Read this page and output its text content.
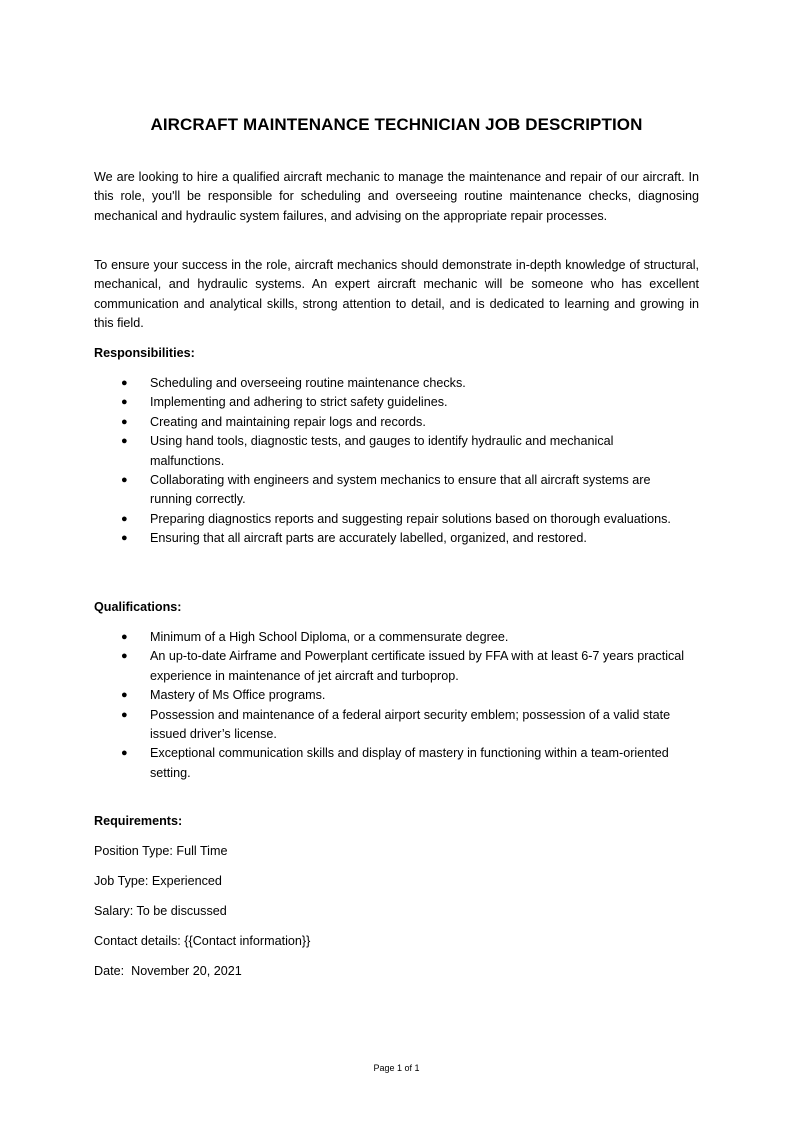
AIRCRAFT MAINTENANCE TECHNICIAN JOB DESCRIPTION

We are looking to hire a qualified aircraft mechanic to manage the maintenance and repair of our aircraft. In this role, you'll be responsible for scheduling and overseeing routine maintenance checks, diagnosing mechanical and hydraulic system failures, and advising on the appropriate repair processes.

To ensure your success in the role, aircraft mechanics should demonstrate in-depth knowledge of structural, mechanical, and hydraulic systems. An expert aircraft mechanic will be someone who has excellent communication and analytical skills, strong attention to detail, and is dedicated to learning and growing in this field.

Responsibilities:
● Scheduling and overseeing routine maintenance checks.
● Implementing and adhering to strict safety guidelines.
● Creating and maintaining repair logs and records.
● Using hand tools, diagnostic tests, and gauges to identify hydraulic and mechanical malfunctions.
● Collaborating with engineers and system mechanics to ensure that all aircraft systems are running correctly.
● Preparing diagnostics reports and suggesting repair solutions based on thorough evaluations.
● Ensuring that all aircraft parts are accurately labelled, organized, and restored.
Qualifications:
● Minimum of a High School Diploma, or a commensurate degree.
● An up-to-date Airframe and Powerplant certificate issued by FFA with at least 6-7 years practical experience in maintenance of jet aircraft and turboprop.
● Mastery of Ms Office programs.
● Possession and maintenance of a federal airport security emblem; possession of a valid state issued driver’s license.
● Exceptional communication skills and display of mastery in functioning within a team-oriented setting.
Requirements:
Position Type: Full Time
Job Type: Experienced
Salary: To be discussed
Contact details: {{Contact information}}
Date:  November 20, 2021
Page 1 of 1
